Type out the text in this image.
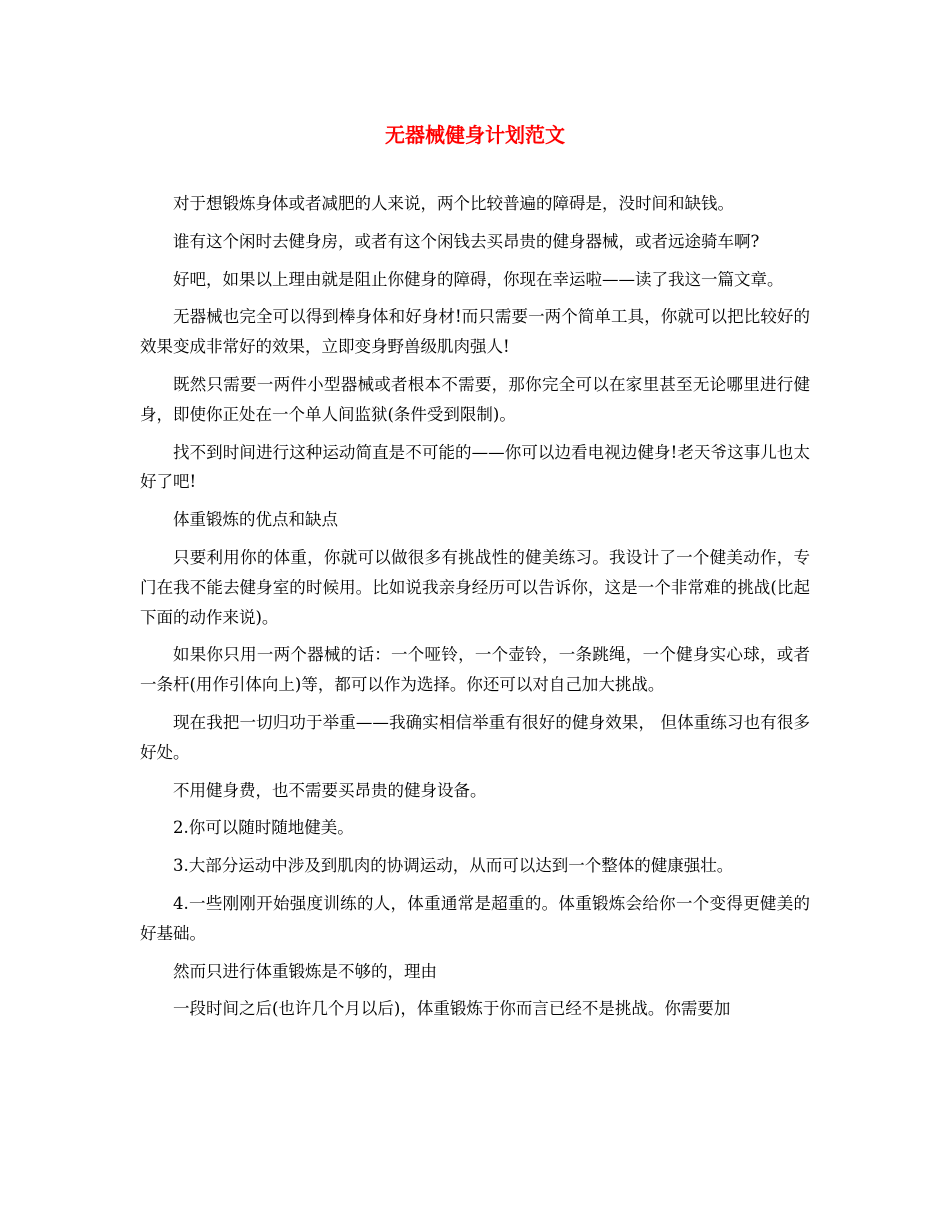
无器械健身计划范文

对于想锻炼身体或者减肥的人来说，两个比较普遍的障碍是，没时间和缺钱。

谁有这个闲时去健身房，或者有这个闲钱去买昂贵的健身器械，或者远途骑车啊?

好吧，如果以上理由就是阻止你健身的障碍，你现在幸运啦——读了我这一篇文章。

无器械也完全可以得到棒身体和好身材!而只需要一两个简单工具，你就可以把比较好的效果变成非常好的效果，立即变身野兽级肌肉强人!

既然只需要一两件小型器械或者根本不需要，那你完全可以在家里甚至无论哪里进行健身，即使你正处在一个单人间监狱(条件受到限制)。

找不到时间进行这种运动简直是不可能的——你可以边看电视边健身!老天爷这事儿也太好了吧!

体重锻炼的优点和缺点

只要利用你的体重，你就可以做很多有挑战性的健美练习。我设计了一个健美动作，专门在我不能去健身室的时候用。比如说我亲身经历可以告诉你，这是一个非常难的挑战(比起下面的动作来说)。

如果你只用一两个器械的话：一个哑铃，一个壶铃，一条跳绳，一个健身实心球，或者一条杆(用作引体向上)等，都可以作为选择。你还可以对自己加大挑战。

现在我把一切归功于举重——我确实相信举重有很好的健身效果， 但体重练习也有很多好处。

不用健身费，也不需要买昂贵的健身设备。

2.你可以随时随地健美。

3.大部分运动中涉及到肌肉的协调运动，从而可以达到一个整体的健康强壮。

4.一些刚刚开始强度训练的人，体重通常是超重的。体重锻炼会给你一个变得更健美的好基础。

然而只进行体重锻炼是不够的，理由

一段时间之后(也许几个月以后)，体重锻炼于你而言已经不是挑战。你需要加
